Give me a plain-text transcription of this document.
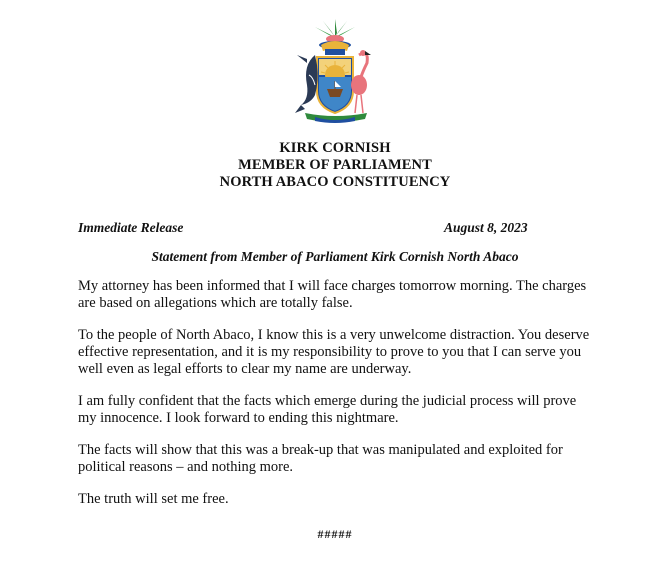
KIRK CORNISH
MEMBER OF PARLIAMENT
NORTH ABACO CONSTITUENCY
Immediate Release	August 8, 2023
Statement from Member of Parliament Kirk Cornish North Abaco

My attorney has been informed that I will face charges tomorrow morning. The charges are based on allegations which are totally false.

To the people of North Abaco, I know this is a very unwelcome distraction. You deserve effective representation, and it is my responsibility to prove to you that I can serve you well even as legal efforts to clear my name are underway.

I am fully confident that the facts which emerge during the judicial process will prove my innocence. I look forward to ending this nightmare.

The facts will show that this was a break-up that was manipulated and exploited for political reasons – and nothing more.

The truth will set me free.

#####
